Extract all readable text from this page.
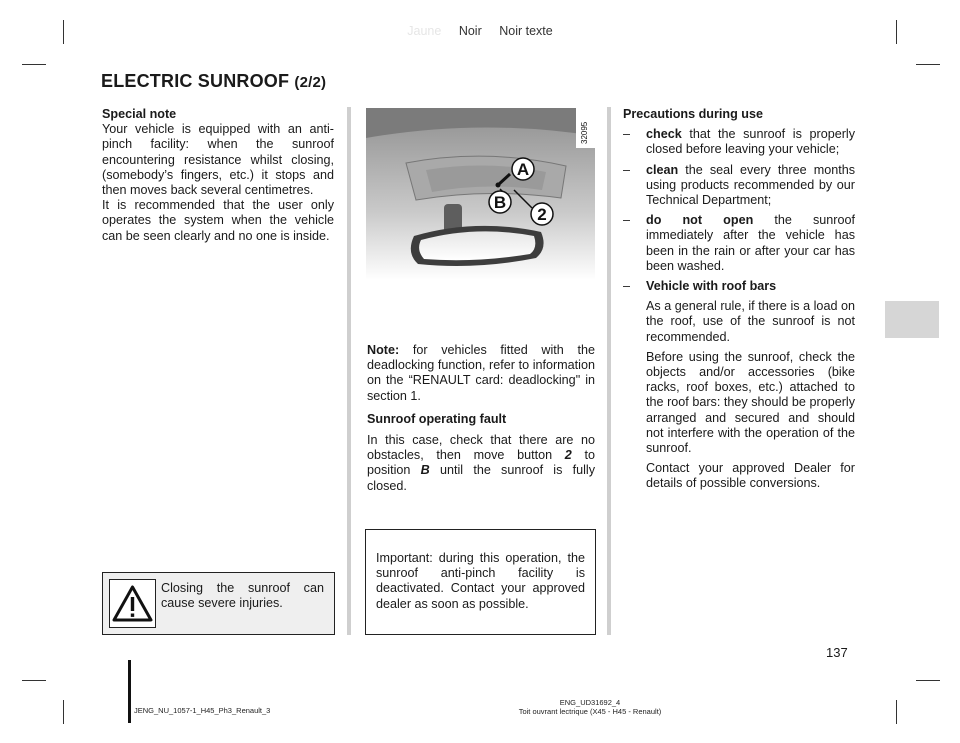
Jaune Noir Noir texte
ELECTRIC SUNROOF (2/2)

Special note

Your vehicle is equipped with an anti-pinch facility: when the sunroof encountering resistance whilst closing, (somebody’s fingers, etc.) it stops and then moves back several centimetres.

It is recommended that the user only operates the system when the vehicle can be seen clearly and no one is inside.

Closing the sunroof can cause severe injuries.
A
B
2
32095

Note: for vehicles fitted with the deadlocking function, refer to information on the “RENAULT card: deadlocking" in section 1.

Sunroof operating fault

In this case, check that there are no obstacles, then move button 2 to position B until the sunroof is fully closed.

Important: during this operation, the sunroof anti-pinch facility is deactivated. Contact your approved dealer as soon as possible.

Precautions during use

– check that the sunroof is properly closed before leaving your vehicle;
– clean the seal every three months using products recommended by our Technical Department;
– do not open the sunroof immediately after the vehicle has been in the rain or after your car has been washed.
– Vehicle with roof bars

As a general rule, if there is a load on the roof, use of the sunroof is not recommended.

Before using the sunroof, check the objects and/or accessories (bike racks, roof boxes, etc.) attached to the roof bars: they should be properly arranged and secured and should not interfere with the operation of the sunroof.

Contact your approved Dealer for details of possible conversions.

137
JENG_NU_1057-1_H45_Ph3_Renault_3
ENG_UD31692_4
Toit ouvrant lectrique (X45 - H45 - Renault)
